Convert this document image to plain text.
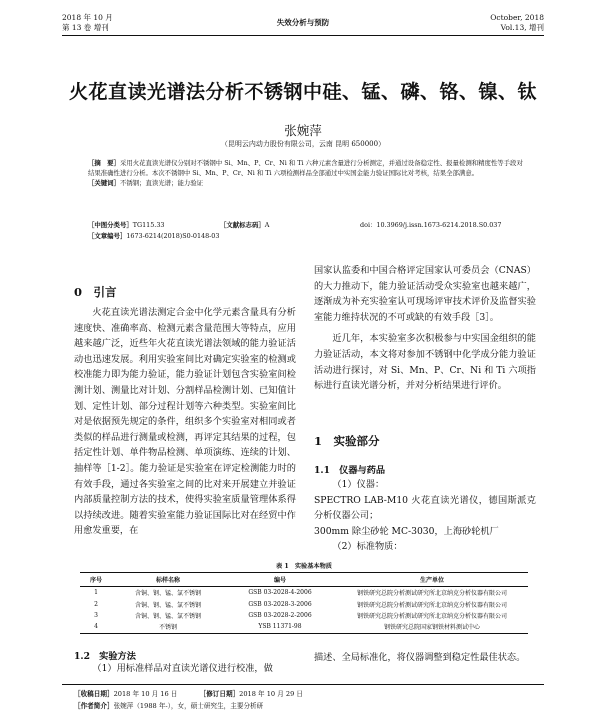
2018 年 10 月
第 13 卷 增刊
失效分析与预防
October, 2018
Vol.13, 增刊
火花直读光谱法分析不锈钢中硅、锰、磷、铬、镍、钛
张婉萍
（昆明云内动力股份有限公司，云南 昆明 650000）

［摘　要］采用火花直读光谱仪分别对不锈钢中 Si、Mn、P、Cr、Ni 和 Ti 六种元素含量进行分析测定，并通过设备稳定性、报量检测和精度性等手段对结果准确性进行分析。本次不锈钢中 Si、Mn、P、Cr、Ni 和 Ti 六项检测样品全部通过中实国金能力验证国际比对考核，结果全部满意。

［关键词］不锈钢；直读光谱；能力验证

［中图分类号］TG115.33	［文献标志码］A	doi：10.3969/j.issn.1673-6214.2018.S0.037
［文章编号］1673-6214(2018)S0-0148-03
0　引言

火花直读光谱法测定合金中化学元素含量具有分析速度快、准确率高、检测元素含量范围大等特点，应用越来越广泛，近些年火花直读光谱法领域的能力验证活动也迅速发展。利用实验室间比对确定实验室的检测或校准能力即为能力验证，能力验证计划包含实验室间检测计划、测量比对计划、分割样品检测计划、已知值计划、定性计划、部分过程计划等六种类型。实验室间比对是依据预先规定的条件，组织多个实验室对相同或者类似的样品进行测量或检测，再评定其结果的过程，包括定性计划、单件物品检测、单项演练、连续的计划、抽样等［1-2］。能力验证是实验室在评定检测能力时的有效手段，通过各实验室之间的比对来开展建立并验证内部质量控制方法的技术，使得实验室质量管理体系得以持续改进。随着实验室能力验证国际比对在经贸中作用愈发重要，在

国家认监委和中国合格评定国家认可委员会（CNAS）的大力推动下，能力验证活动受众实验室也越来越广，逐渐成为补充实验室认可现场评审技术评价及监督实验室能力维持状况的不可或缺的有效手段［3］。

近几年，本实验室多次积极参与中实国金组织的能力验证活动，本文将对参加不锈钢中化学成分能力验证活动进行探讨，对 Si、Mn、P、Cr、Ni 和 Ti 六项指标进行直读光谱分析，并对分析结果进行评价。

1　实验部分
1.1　仪器与药品

（1）仪器：

SPECTRO LAB-M10 火花直读光谱仪，德国斯派克分析仪器公司；

300mm 除尘砂轮 MC-3030，上海砂轮机厂

（2）标准物质：

表 1　实验基本物质
序号	标样名称	编号	生产单位
1	含铜、钢、锰、氯不锈钢	GSB 03-2028-4-2006	钢铁研究总院分析测试研究所北京纳克分析仪器有限公司
2	含铜、钢、锰、氯不锈钢	GSB 03-2028-3-2006	钢铁研究总院分析测试研究所北京纳克分析仪器有限公司
3	含铜、钢、锰、氯不锈钢	GSB 03-2028-2-2006	钢铁研究总院分析测试研究所北京纳克分析仪器有限公司
4	不锈钢	YSB 11371-98	钢铁研究总院国家钢铁材料测试中心
1.2　实验方法

（1）用标准样品对直读光谱仪进行校准，做

描述、全局标准化，将仪器调整到稳定性最佳状态。

［收稿日期］2018 年 10 月 16 日	［修订日期］2018 年 10 月 29 日
［作者简介］张婉萍（1988 年-），女，硕士研究生，主要分析研
